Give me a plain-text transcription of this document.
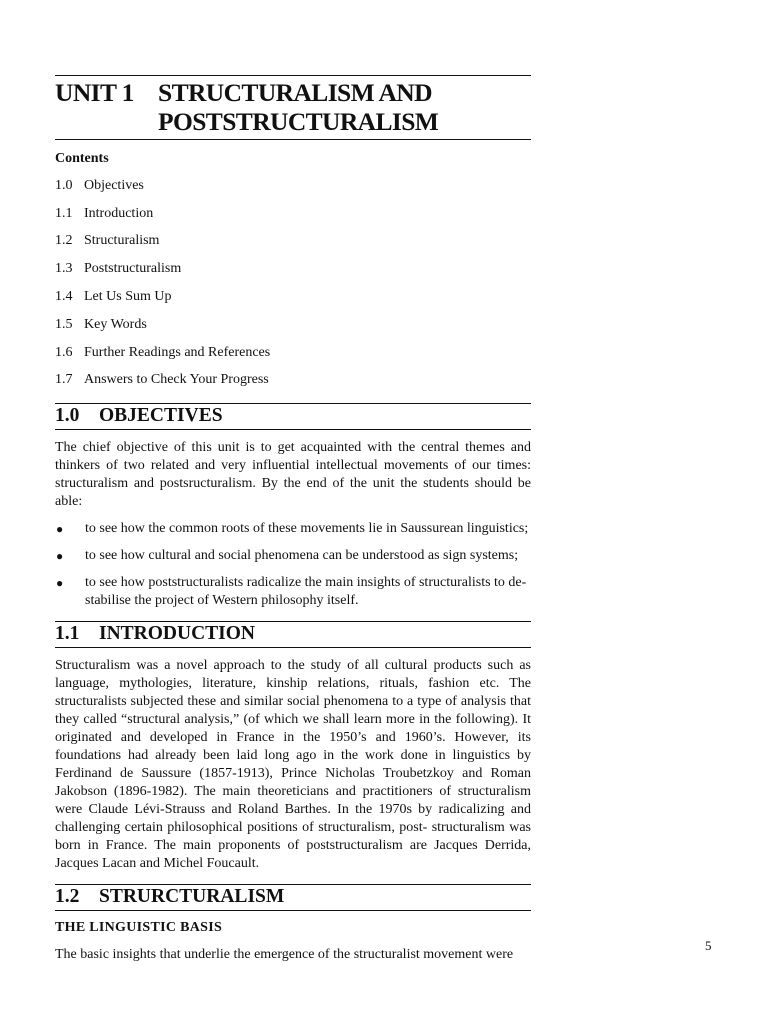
UNIT 1 STRUCTURALISM AND
POSTSTRUCTURALISM
Contents
1.0 Objectives
1.1 Introduction
1.2 Structuralism
1.3 Poststructuralism
1.4 Let Us Sum Up
1.5 Key Words
1.6 Further Readings and References
1.7 Answers to Check Your Progress
1.0	OBJECTIVES

The chief objective of this unit is to get acquainted with the central themes and thinkers of two related and very influential intellectual movements of our times: structuralism and postsructuralism. By the end of the unit the students should be able:

●	to see how the common roots of these movements lie in Saussurean linguistics;
●	to see how cultural and social phenomena can be understood as sign systems;
●	to see how poststructuralists radicalize the main insights of structuralists to de-stabilise the project of Western philosophy itself.
1.1	INTRODUCTION

Structuralism was a novel approach to the study of all cultural products such as language, mythologies, literature, kinship relations, rituals, fashion etc. The structuralists subjected these and similar social phenomena to a type of analysis that they called “structural analysis,” (of which we shall learn more in the following). It originated and developed in France in the 1950’s and 1960’s. However, its foundations had already been laid long ago in the work done in linguistics by Ferdinand de Saussure (1857-1913), Prince Nicholas Troubetzkoy and Roman Jakobson (1896-1982). The main theoreticians and practitioners of structuralism were Claude Lévi-Strauss and Roland Barthes. In the 1970s by radicalizing and challenging certain philosophical positions of structuralism, post- structuralism was born in France. The main proponents of poststructuralism are Jacques Derrida, Jacques Lacan and Michel Foucault.

1.2	STRURCTURALISM
THE LINGUISTIC BASIS

The basic insights that underlie the emergence of the structuralist movement were

5
